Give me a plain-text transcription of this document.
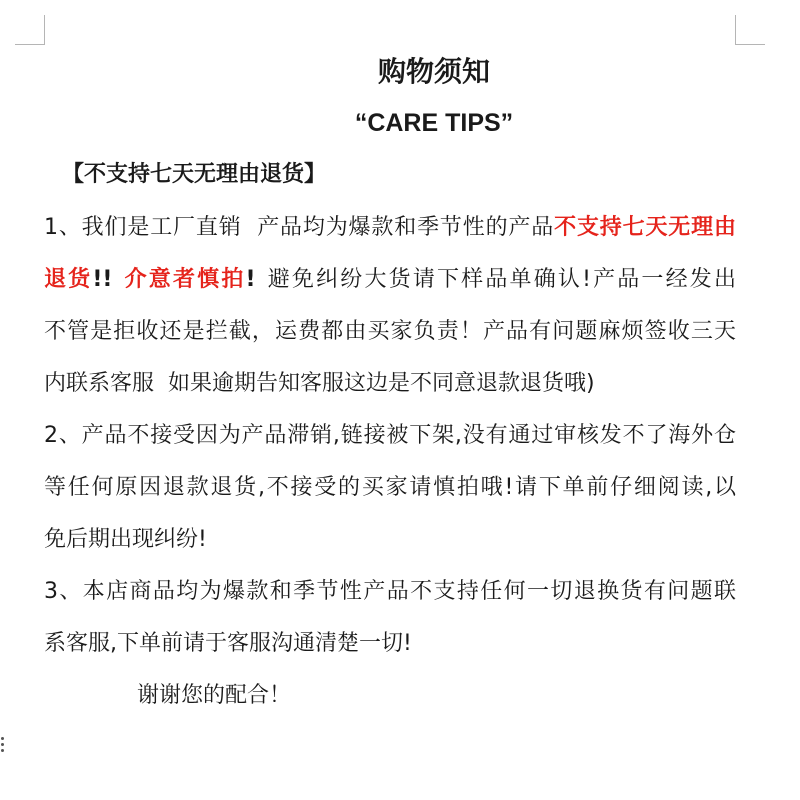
购物须知
“CARE TIPS”
【不支持七天无理由退货】
1、我们是工厂直销  产品均为爆款和季节性的产品不支持七天无理由
退货!! 介意者慎拍! 避免纠纷大货请下样品单确认!产品一经发出
不管是拒收还是拦截，运费都由买家负责！产品有问题麻烦签收三天
内联系客服  如果逾期告知客服这边是不同意退款退货哦)
2、产品不接受因为产品滞销,链接被下架,没有通过审核发不了海外仓
等任何原因退款退货,不接受的买家请慎拍哦!请下单前仔细阅读,以
免后期出现纠纷!
3、本店商品均为爆款和季节性产品不支持任何一切退换货有问题联
系客服,下单前请于客服沟通清楚一切!
谢谢您的配合！
